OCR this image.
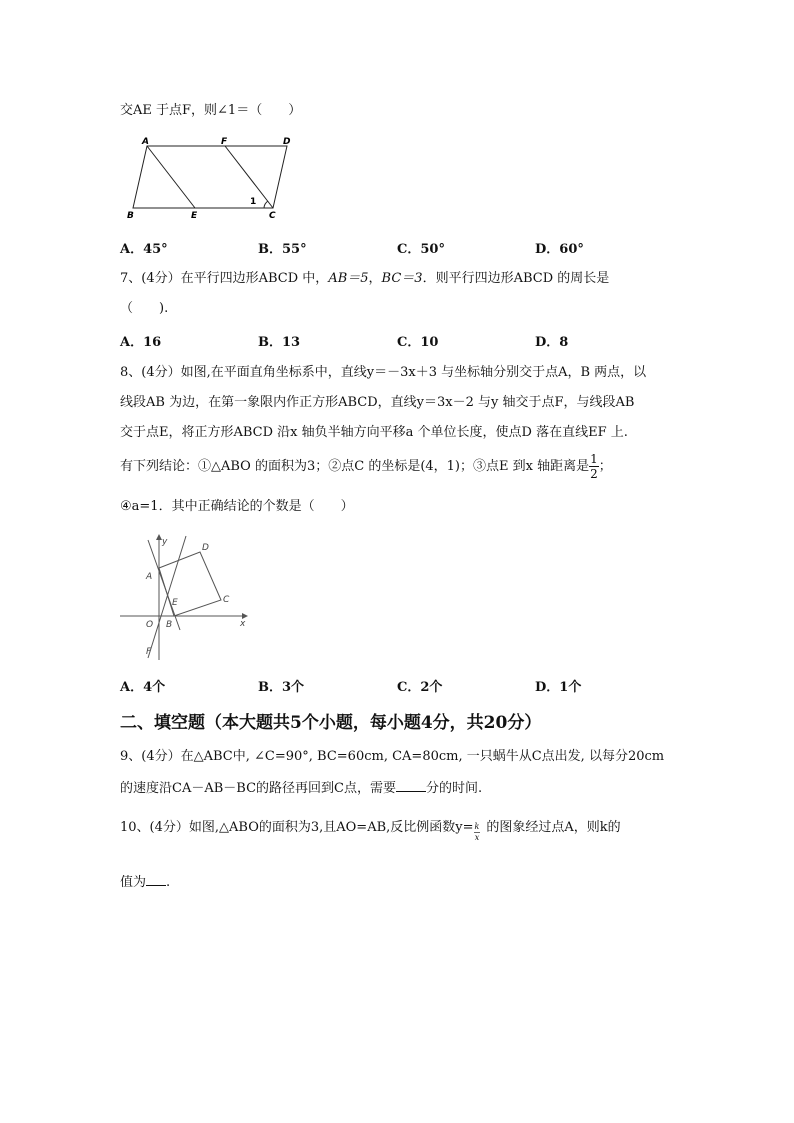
交AE 于点F，则∠1＝（　　）
A	F	D
B	E	C
1
A．45°	B．55°	C．50°	D．60°
7、(4分）在平行四边形ABCD 中，AB＝5，BC＝3．则平行四边形ABCD 的周长是
（　　).
A．16	B．13	C．10	D．8
8、(4分）如图,在平面直角坐标系中，直线y＝－3x＋3 与坐标轴分别交于点A，B 两点，以
线段AB 为边，在第一象限内作正方形ABCD，直线y＝3x－2 与y 轴交于点F，与线段AB
交于点E，将正方形ABCD 沿x 轴负半轴方向平移a 个单位长度，使点D 落在直线EF 上.
有下列结论：①△ABO 的面积为3；②点C 的坐标是(4，1)；③点E 到x 轴距离是 $\frac{1}{2}$ ；
④a=1．其中正确结论的个数是（　　）
y
x
D
A
C
E
O B
F
A．4个	B．3个	C．2个	D．1个
二、填空题（本大题共5个小题，每小题4分，共20分）
9、(4分）在△ABC中, ∠C=90°, BC=60cm, CA=80cm, 一只蜗牛从C点出发, 以每分20cm
的速度沿CA－AB－BC的路径再回到C点，需要 分的时间.
10、(4分）如图,△ABO的面积为3,且AO=AB,反比例函数$y= \frac{k}{x}$ 的图象经过点A，则k的
值为 .
